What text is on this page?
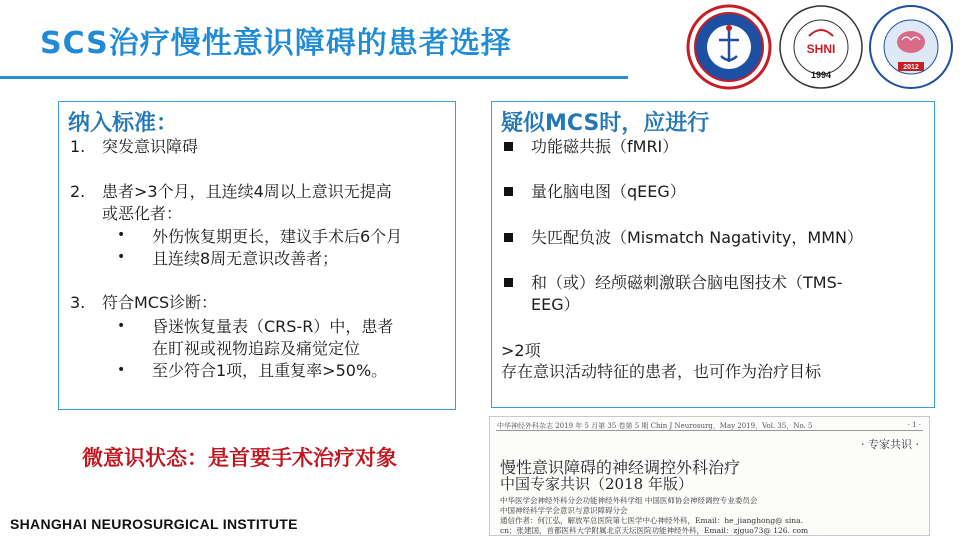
SCS治疗慢性意识障碍的患者选择	SHNI
1994
2012
纳入标准：
1. 突发意识障碍
2. 患者>3个月，且连续4周以上意识无提高
或恶化者：
• 外伤恢复期更长，建议手术后6个月
• 且连续8周无意识改善者；
3. 符合MCS诊断：
• 昏迷恢复量表（CRS-R）中，患者
在盯视或视物追踪及痛觉定位
• 至少符合1项，且重复率>50%。
疑似MCS时，应进行
功能磁共振（fMRI）
量化脑电图（qEEG）
失匹配负波（Mismatch Nagativity，MMN）
和（或）经颅磁刺激联合脑电图技术（TMS-
EEG）
>2项
存在意识活动特征的患者，也可作为治疗目标
微意识状态：是首要手术治疗对象
中华神经外科杂志 2019 年 5 月第 35 卷第 5 期 Chin J Neurosurg，May 2019，Vol. 35，No. 5	· 1 ·
· 专家共识 ·
慢性意识障碍的神经调控外科治疗
中国专家共识（2018 年版）
中华医学会神经外科分会功能神经外科学组 中国医师协会神经调控专业委员会
中国神经科学学会意识与意识障碍分会
通信作者：何江弘，解放军总医院第七医学中心神经外科，Email：he_jianghong@ sina.
cn；张建国，首都医科大学附属北京天坛医院功能神经外科，Email：zjguo73@ 126. com
SHANGHAI NEUROSURGICAL INSTITUTE
